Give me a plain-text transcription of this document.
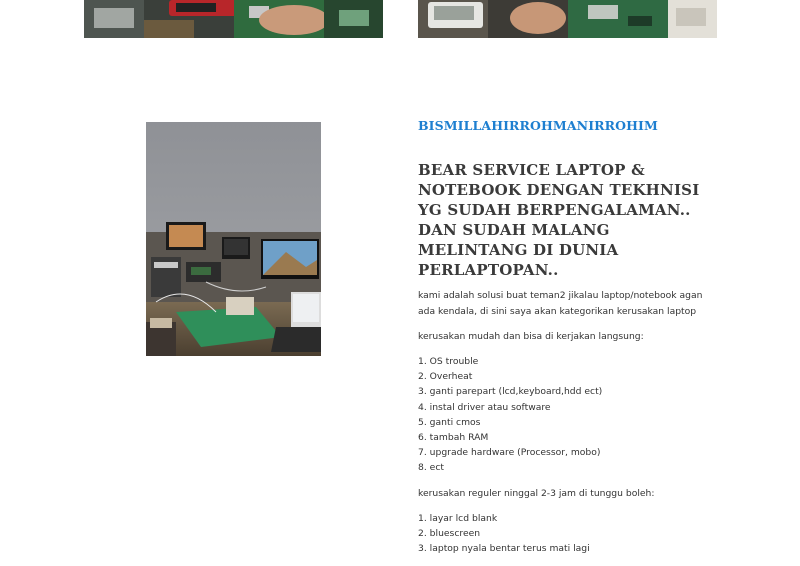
BISMILLAHIRROHMANIRROHIM
BEAR SERVICE LAPTOP & NOTEBOOK DENGAN TEKHNISI YG SUDAH BERPENGALAMAN.. DAN SUDAH MALANG MELINTANG DI DUNIA PERLAPTOPAN..

kami adalah solusi buat teman2 jikalau laptop/notebook agan ada kendala, di sini saya akan kategorikan kerusakan laptop

kerusakan mudah dan bisa di kerjakan langsung:

1. OS trouble
2. Overheat
3. ganti parepart (lcd,keyboard,hdd ect)
4. instal driver atau software
5. ganti cmos
6. tambah RAM
7. upgrade hardware (Processor, mobo)
8. ect

kerusakan reguler ninggal 2-3 jam di tunggu boleh:

1. layar lcd blank
2. bluescreen
3. laptop nyala bentar terus mati lagi
